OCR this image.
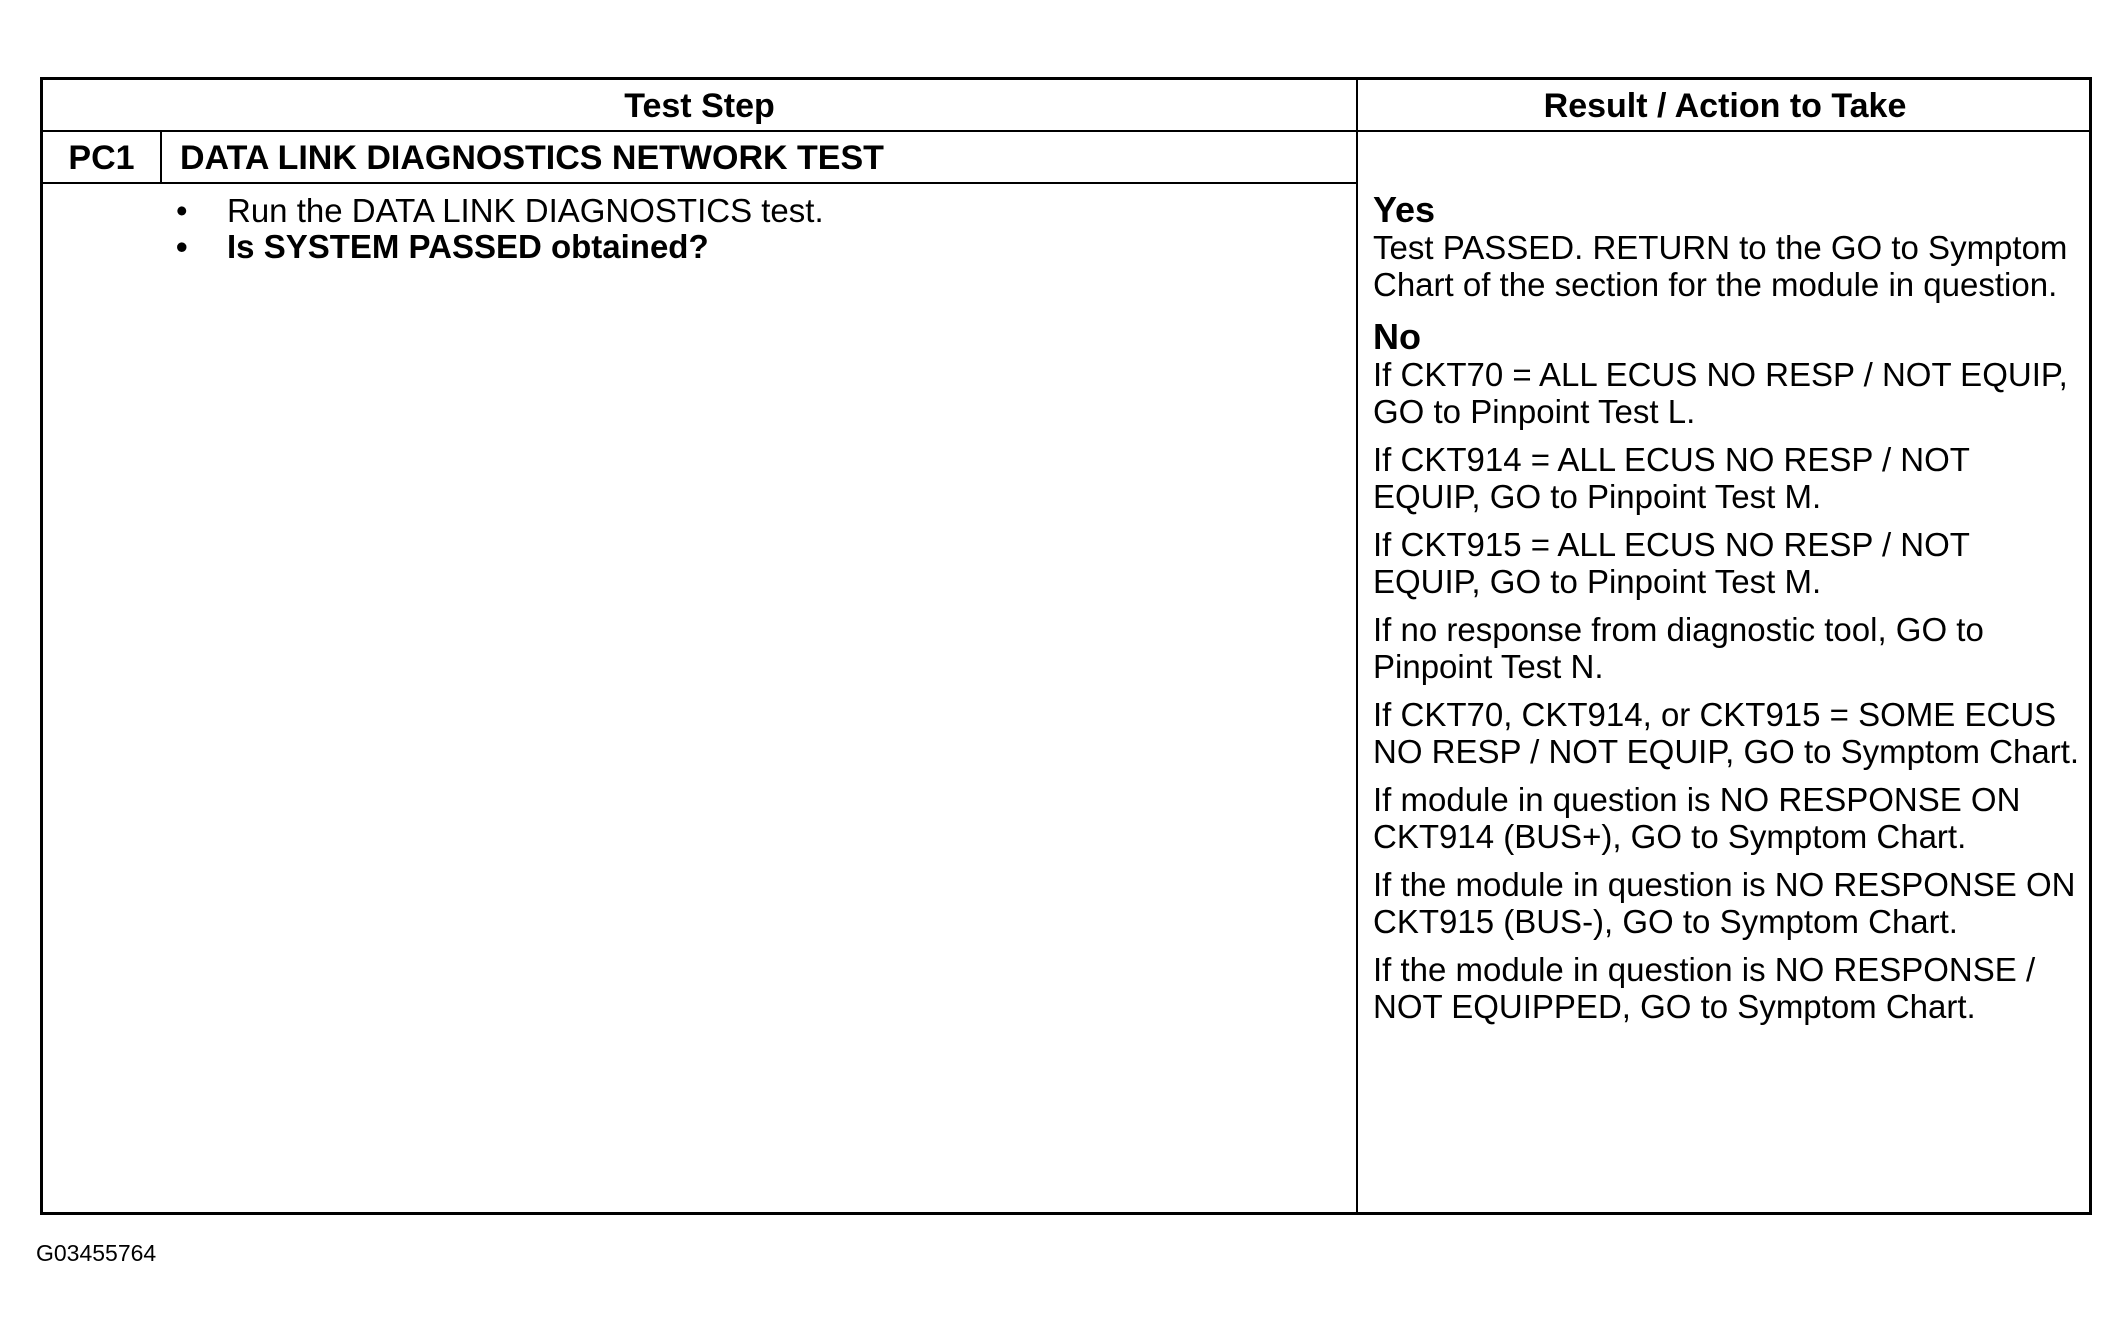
Test Step	Result / Action to Take
PC1	DATA LINK DIAGNOSTICS NETWORK TEST
• Run the DATA LINK DIAGNOSTICS test.
• Is SYSTEM PASSED obtained?
Yes

Test PASSED. RETURN to the GO to Symptom Chart of the section for the module in question.

No

If CKT70 = ALL ECUS NO RESP / NOT EQUIP, GO to Pinpoint Test L.

If CKT914 = ALL ECUS NO RESP / NOT EQUIP, GO to Pinpoint Test M.

If CKT915 = ALL ECUS NO RESP / NOT EQUIP, GO to Pinpoint Test M.

If no response from diagnostic tool, GO to Pinpoint Test N.

If CKT70, CKT914, or CKT915 = SOME ECUS NO RESP / NOT EQUIP, GO to Symptom Chart.

If module in question is NO RESPONSE ON CKT914 (BUS+), GO to Symptom Chart.

If the module in question is NO RESPONSE ON CKT915 (BUS-), GO to Symptom Chart.

If the module in question is NO RESPONSE / NOT EQUIPPED, GO to Symptom Chart.

G03455764
